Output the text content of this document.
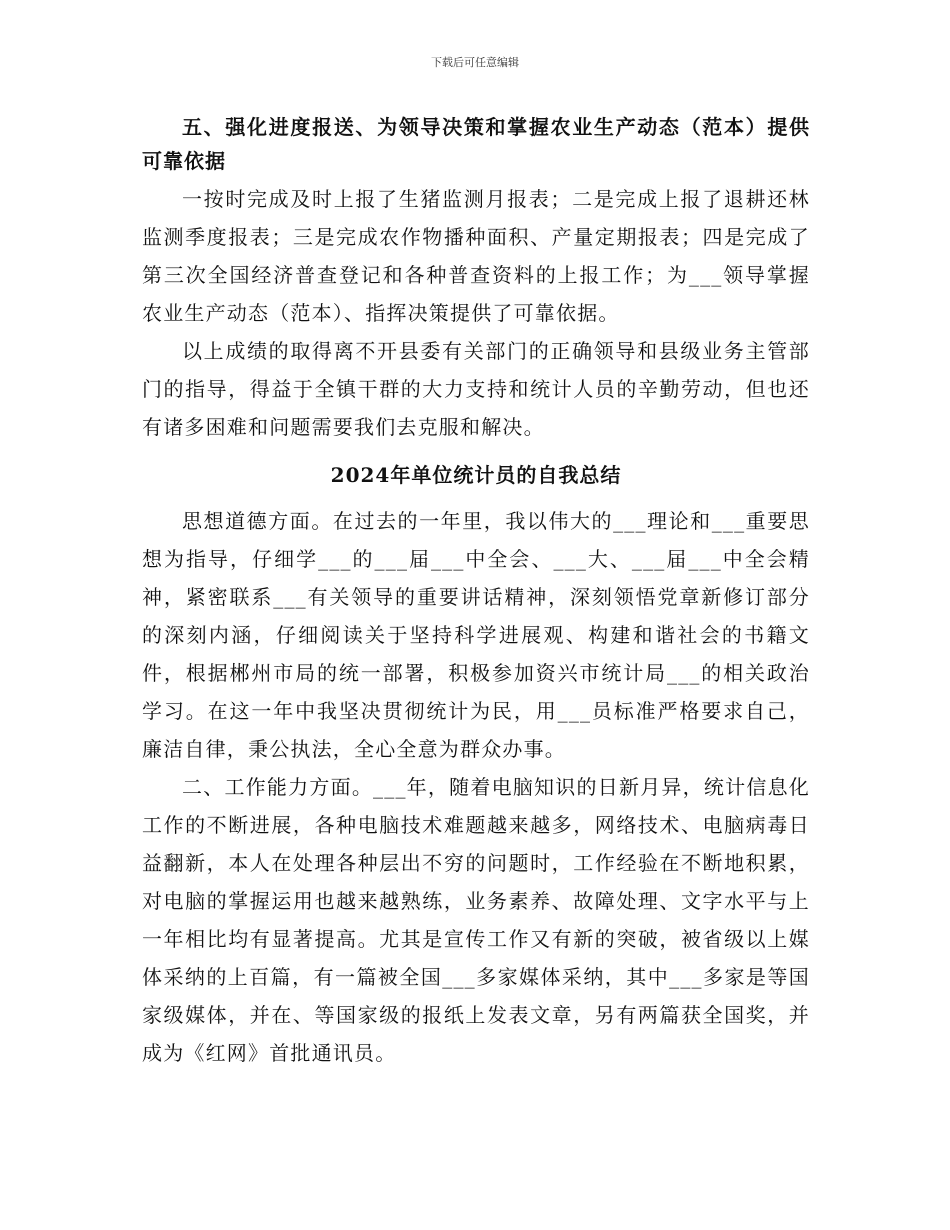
下载后可任意编辑
五、强化进度报送、为领导决策和掌握农业生产动态（范本）提供可靠依据

一按时完成及时上报了生猪监测月报表；二是完成上报了退耕还林监测季度报表；三是完成农作物播种面积、产量定期报表；四是完成了第三次全国经济普查登记和各种普查资料的上报工作；为___领导掌握农业生产动态（范本）、指挥决策提供了可靠依据。

以上成绩的取得离不开县委有关部门的正确领导和县级业务主管部门的指导，得益于全镇干群的大力支持和统计人员的辛勤劳动，但也还有诸多困难和问题需要我们去克服和解决。

2024年单位统计员的自我总结

思想道德方面。在过去的一年里，我以伟大的___理论和___重要思想为指导，仔细学___的___届___中全会、___大、___届___中全会精神，紧密联系___有关领导的重要讲话精神，深刻领悟党章新修订部分的深刻内涵，仔细阅读关于坚持科学进展观、构建和谐社会的书籍文件，根据郴州市局的统一部署，积极参加资兴市统计局___的相关政治学习。在这一年中我坚决贯彻统计为民，用___员标准严格要求自己，廉洁自律，秉公执法，全心全意为群众办事。

二、工作能力方面。___年，随着电脑知识的日新月异，统计信息化工作的不断进展，各种电脑技术难题越来越多，网络技术、电脑病毒日益翻新，本人在处理各种层出不穷的问题时，工作经验在不断地积累，对电脑的掌握运用也越来越熟练，业务素养、故障处理、文字水平与上一年相比均有显著提高。尤其是宣传工作又有新的突破，被省级以上媒体采纳的上百篇，有一篇被全国___多家媒体采纳，其中___多家是等国家级媒体，并在、等国家级的报纸上发表文章，另有两篇获全国奖，并成为《红网》首批通讯员。
